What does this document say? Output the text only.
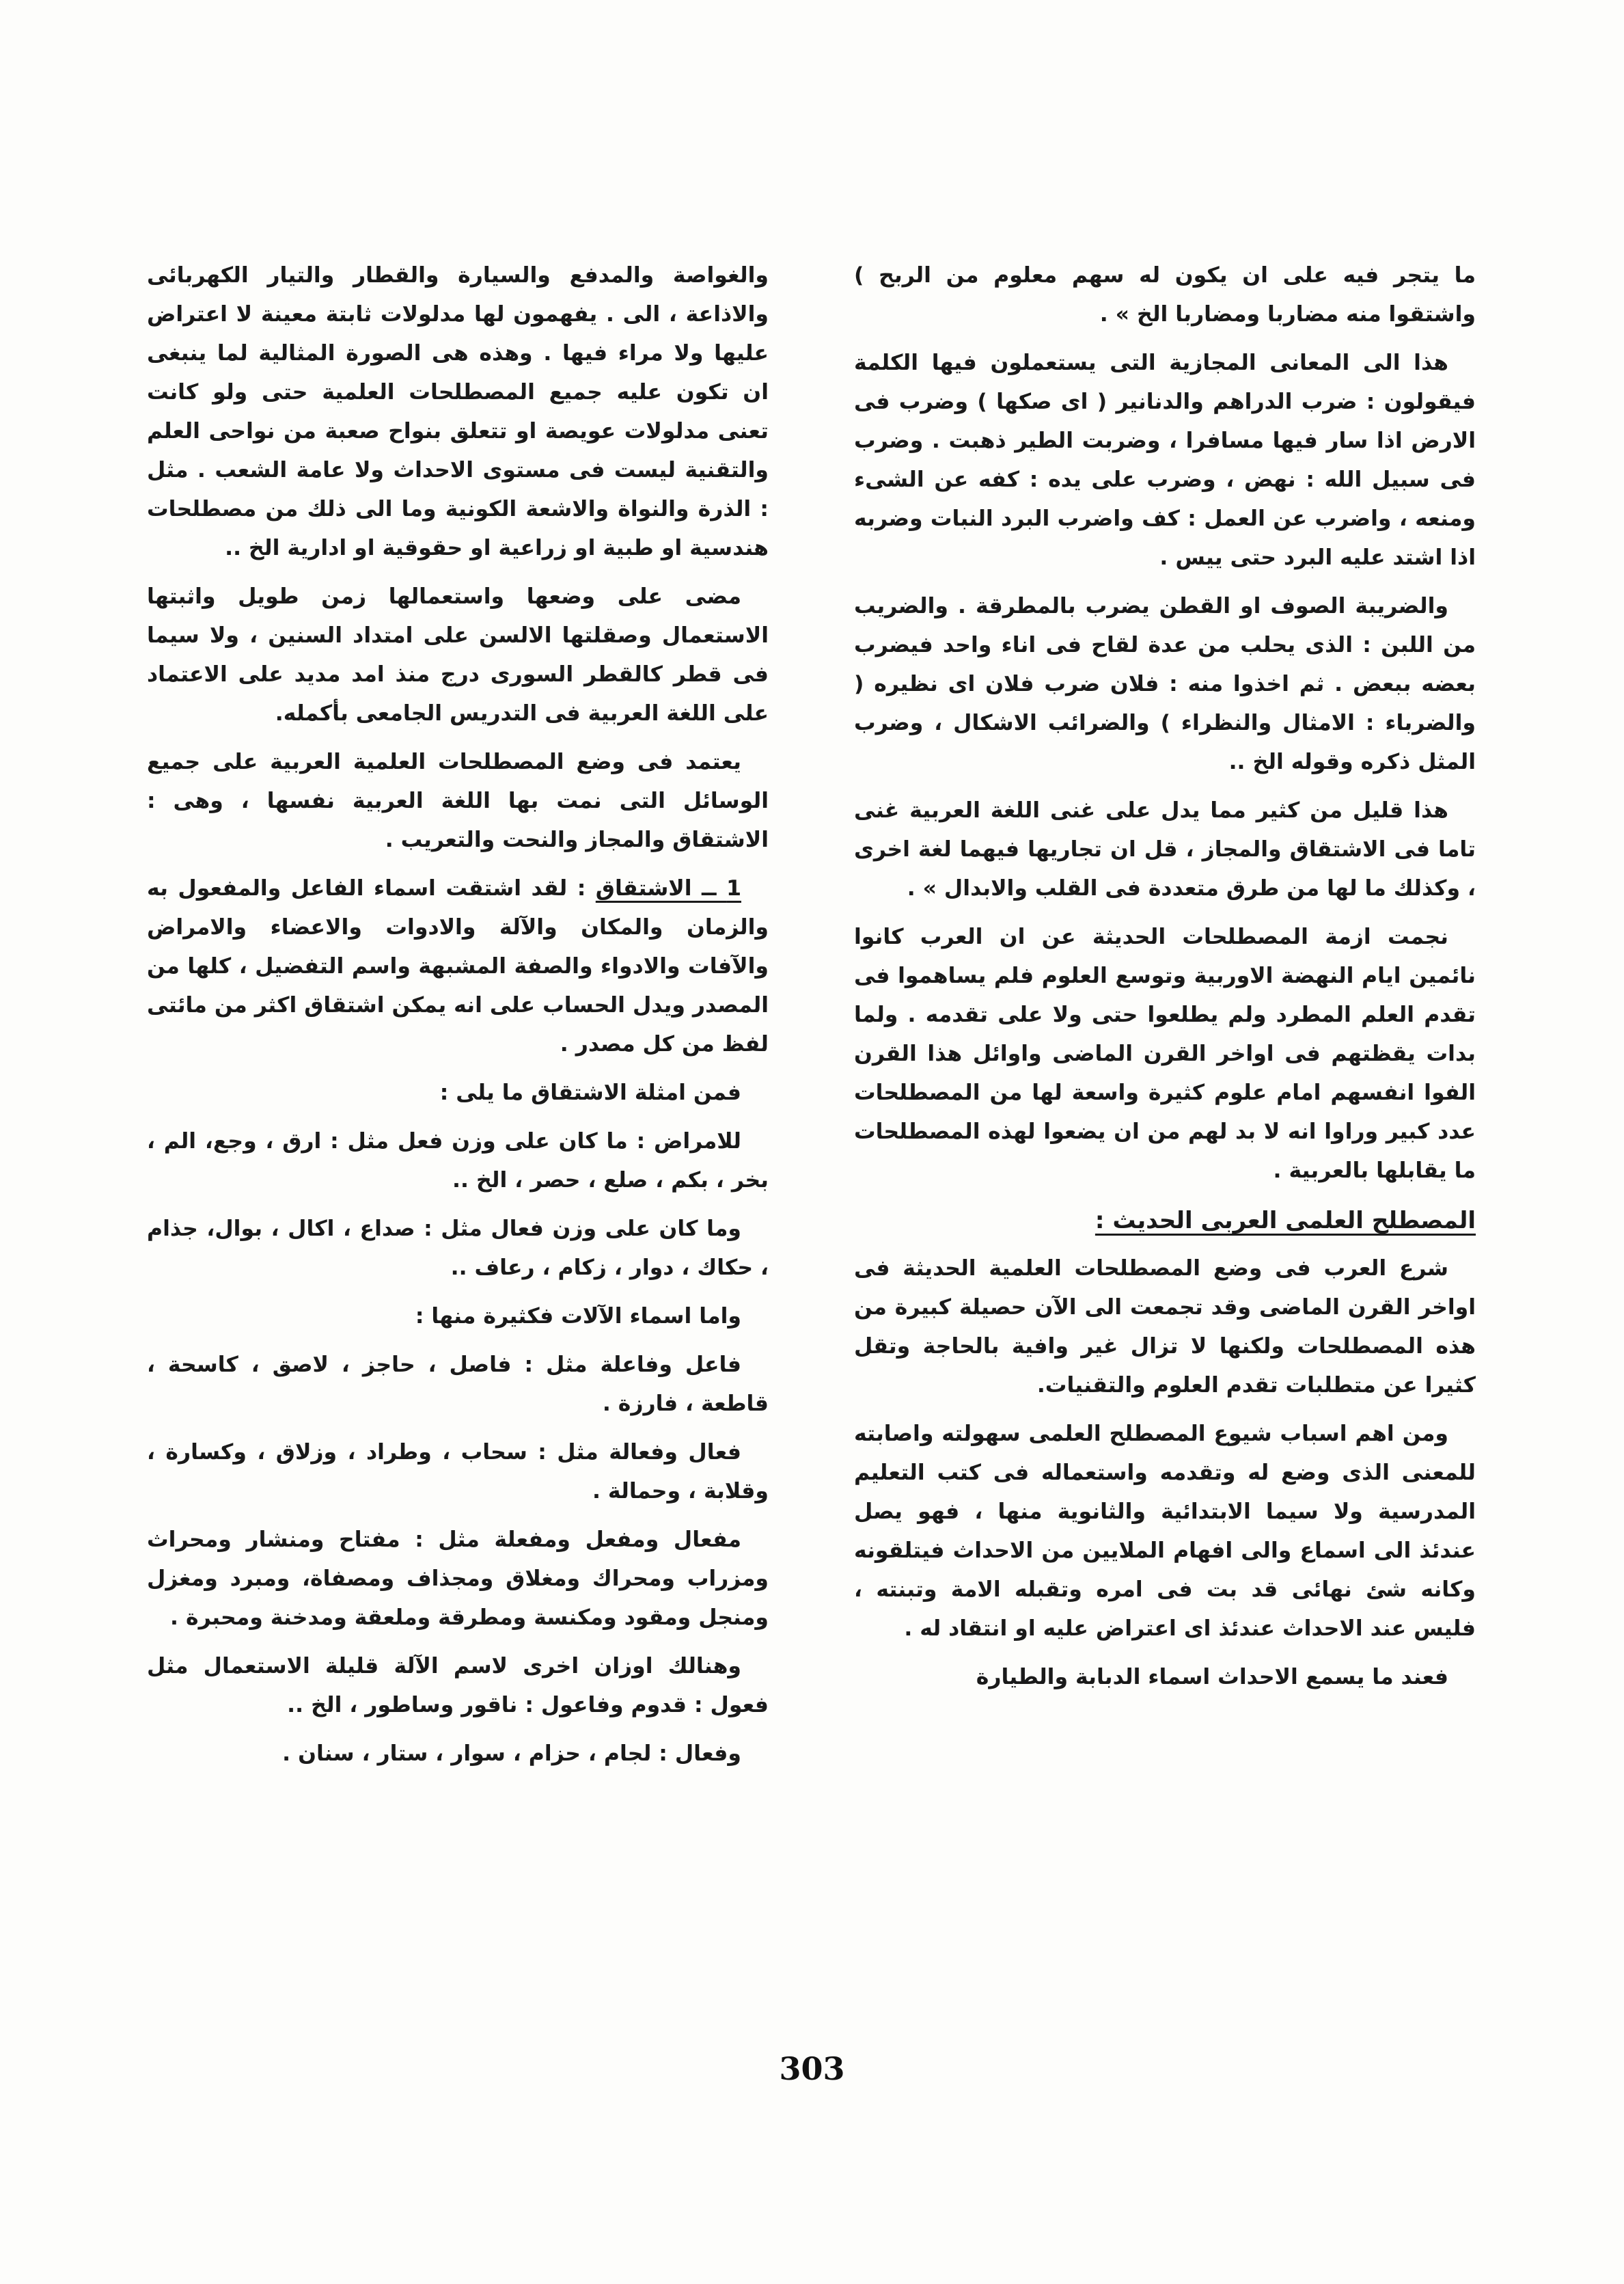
ما يتجر فيه على ان يكون له سهم معلوم من الربح ) واشتقوا منه مضاربا ومضاربا الخ » .

هذا الى المعانى المجازية التى يستعملون فيها الكلمة فيقولون : ضرب الدراهم والدنانير ( اى صكها ) وضرب فى الارض اذا سار فيها مسافرا ، وضربت الطير ذهبت . وضرب فى سبيل الله : نهض ، وضرب على يده : كفه عن الشىء ومنعه ، واضرب عن العمل : كف واضرب البرد النبات وضربه اذا اشتد عليه البرد حتى ييس .

والضريبة الصوف او القطن يضرب بالمطرقة . والضريب من اللبن : الذى يحلب من عدة لقاح فى اناء واحد فيضرب بعضه ببعض . ثم اخذوا منه : فلان ضرب فلان اى نظيره ( والضرباء : الامثال والنظراء ) والضرائب الاشكال ، وضرب المثل ذكره وقوله الخ ..

هذا قليل من كثير مما يدل على غنى اللغة العربية غنى تاما فى الاشتقاق والمجاز ، قل ان تجاريها فيهما لغة اخرى ، وكذلك ما لها من طرق متعددة فى القلب والابدال » .

نجمت ازمة المصطلحات الحديثة عن ان العرب كانوا نائمين ايام النهضة الاوربية وتوسع العلوم فلم يساهموا فى تقدم العلم المطرد ولم يطلعوا حتى ولا على تقدمه . ولما بدات يقظتهم فى اواخر القرن الماضى واوائل هذا القرن الفوا انفسهم امام علوم كثيرة واسعة لها من المصطلحات عدد كبير وراوا انه لا بد لهم من ان يضعوا لهذه المصطلحات ما يقابلها بالعربية .

المصطلح العلمى العربى الحديث :

شرع العرب فى وضع المصطلحات العلمية الحديثة فى اواخر القرن الماضى وقد تجمعت الى الآن حصيلة كبيرة من هذه المصطلحات ولكنها لا تزال غير وافية بالحاجة وتقل كثيرا عن متطلبات تقدم العلوم والتقنيات.

ومن اهم اسباب شيوع المصطلح العلمى سهولته واصابته للمعنى الذى وضع له وتقدمه واستعماله فى كتب التعليم المدرسية ولا سيما الابتدائية والثانوية منها ، فهو يصل عندئذ الى اسماع والى افهام الملايين من الاحداث فيتلقونه وكانه شئ نهائى قد بت فى امره وتقبله الامة وتبنته ، فليس عند الاحداث عندئذ اى اعتراض عليه او انتقاد له .

فعند ما يسمع الاحداث اسماء الدبابة والطيارة

والغواصة والمدفع والسيارة والقطار والتيار الكهربائى والاذاعة ، الى . يفهمون لها مدلولات ثابتة معينة لا اعتراض عليها ولا مراء فيها . وهذه هى الصورة المثالية لما ينبغى ان تكون عليه جميع المصطلحات العلمية حتى ولو كانت تعنى مدلولات عويصة او تتعلق بنواح صعبة من نواحى العلم والتقنية ليست فى مستوى الاحداث ولا عامة الشعب . مثل : الذرة والنواة والاشعة الكونية وما الى ذلك من مصطلحات هندسية او طبية او زراعية او حقوقية او ادارية الخ ..

مضى على وضعها واستعمالها زمن طويل واثبتها الاستعمال وصقلتها الالسن على امتداد السنين ، ولا سيما فى قطر كالقطر السورى درج منذ امد مديد على الاعتماد على اللغة العربية فى التدريس الجامعى بأكمله.

يعتمد فى وضع المصطلحات العلمية العربية على جميع الوسائل التى نمت بها اللغة العربية نفسها ، وهى : الاشتقاق والمجاز والنحت والتعريب .

1 ــ الاشتقاق : لقد اشتقت اسماء الفاعل والمفعول به والزمان والمكان والآلة والادوات والاعضاء والامراض والآفات والادواء والصفة المشبهة واسم التفضيل ، كلها من المصدر ويدل الحساب على انه يمكن اشتقاق اكثر من مائتى لفظ من كل مصدر .

فمن امثلة الاشتقاق ما يلى :

للامراض : ما كان على وزن فعل مثل : ارق ، وجع، الم ، بخر ، بكم ، صلع ، حصر ، الخ ..

وما كان على وزن فعال مثل : صداع ، اكال ، بوال، جذام ، حكاك ، دوار ، زكام ، رعاف ..

واما اسماء الآلات فكثيرة منها :

فاعل وفاعلة مثل : فاصل ، حاجز ، لاصق ، كاسحة ، قاطعة ، فارزة .

فعال وفعالة مثل : سحاب ، وطراد ، وزلاق ، وكسارة ، وقلابة ، وحمالة .

مفعال ومفعل ومفعلة مثل : مفتاح ومنشار ومحراث ومزراب ومحراك ومغلاق ومجذاف ومصفاة، ومبرد ومغزل ومنجل ومقود ومكنسة ومطرقة وملعقة ومدخنة ومحبرة .

وهنالك اوزان اخرى لاسم الآلة قليلة الاستعمال مثل فعول : قدوم وفاعول : ناقور وساطور ، الخ ..

وفعال : لجام ، حزام ، سوار ، ستار ، سنان .

303
